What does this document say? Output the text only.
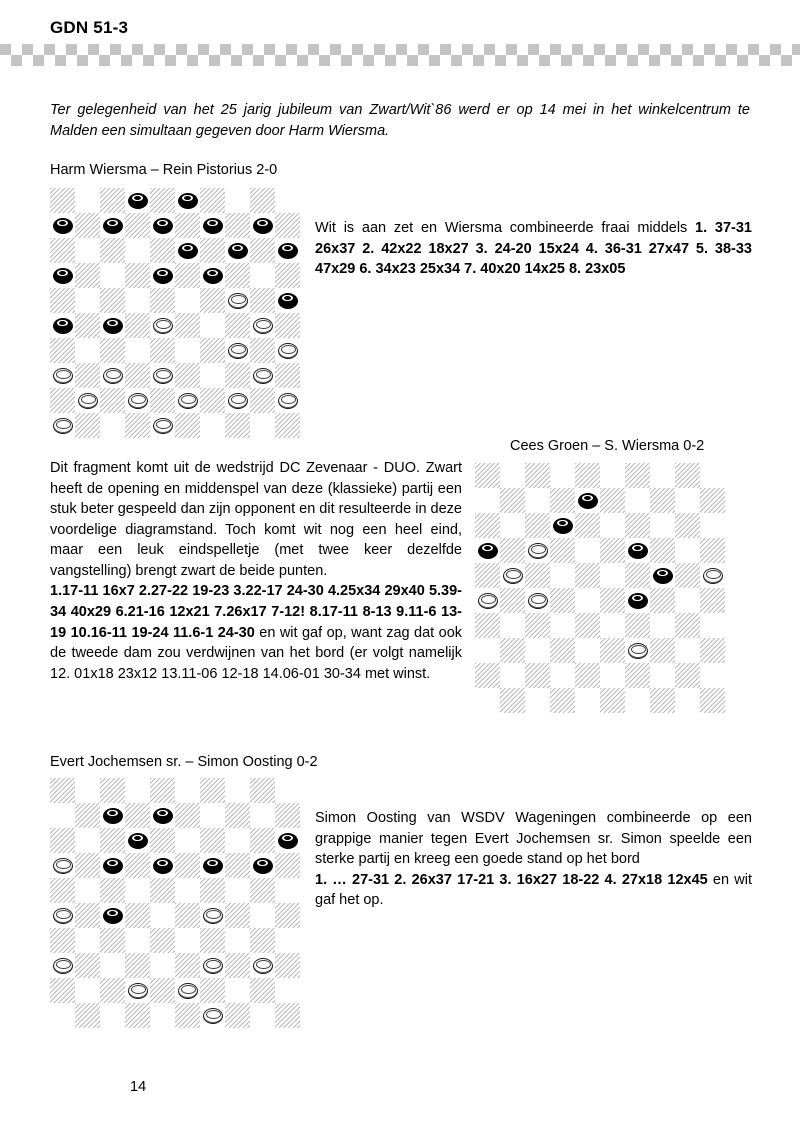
GDN 51-3
Ter gelegenheid van het 25 jarig jubileum van Zwart/Wit`86 werd er op 14 mei in het winkelcentrum te Malden een simultaan gegeven door Harm Wiersma.
Harm Wiersma – Rein Pistorius 2-0
Wit is aan zet en Wiersma combineerde fraai middels 1. 37-31 26x37 2. 42x22 18x27 3. 24-20 15x24 4. 36-31 27x47 5. 38-33 47x29 6. 34x23 25x34 7. 40x20 14x25 8. 23x05
Cees Groen – S. Wiersma 0-2
Dit fragment komt uit de wedstrijd DC Zevenaar - DUO. Zwart heeft de opening en middenspel van deze (klassieke) partij een stuk beter gespeeld dan zijn opponent en dit resulteerde in deze voordelige diagramstand. Toch komt wit nog een heel eind, maar een leuk eindspelletje (met twee keer dezelfde vangstelling) brengt zwart de beide punten.
1.17-11 16x7 2.27-22 19-23 3.22-17 24-30 4.25x34 29x40 5.39-34 40x29 6.21-16 12x21 7.26x17 7-12! 8.17-11 8-13 9.11-6 13-19 10.16-11 19-24 11.6-1 24-30 en wit gaf op, want zag dat ook de tweede dam zou verdwijnen van het bord (er volgt namelijk 12. 01x18 23x12 13.11-06 12-18 14.06-01 30-34 met winst.
Evert Jochemsen sr. – Simon Oosting 0-2
Simon Oosting van WSDV Wageningen combineerde op een grappige manier tegen Evert Jochemsen sr. Simon speelde een sterke partij en kreeg een goede stand op het bord
1. … 27-31 2. 26x37 17-21 3. 16x27 18-22 4. 27x18 12x45 en wit gaf het op.
14
